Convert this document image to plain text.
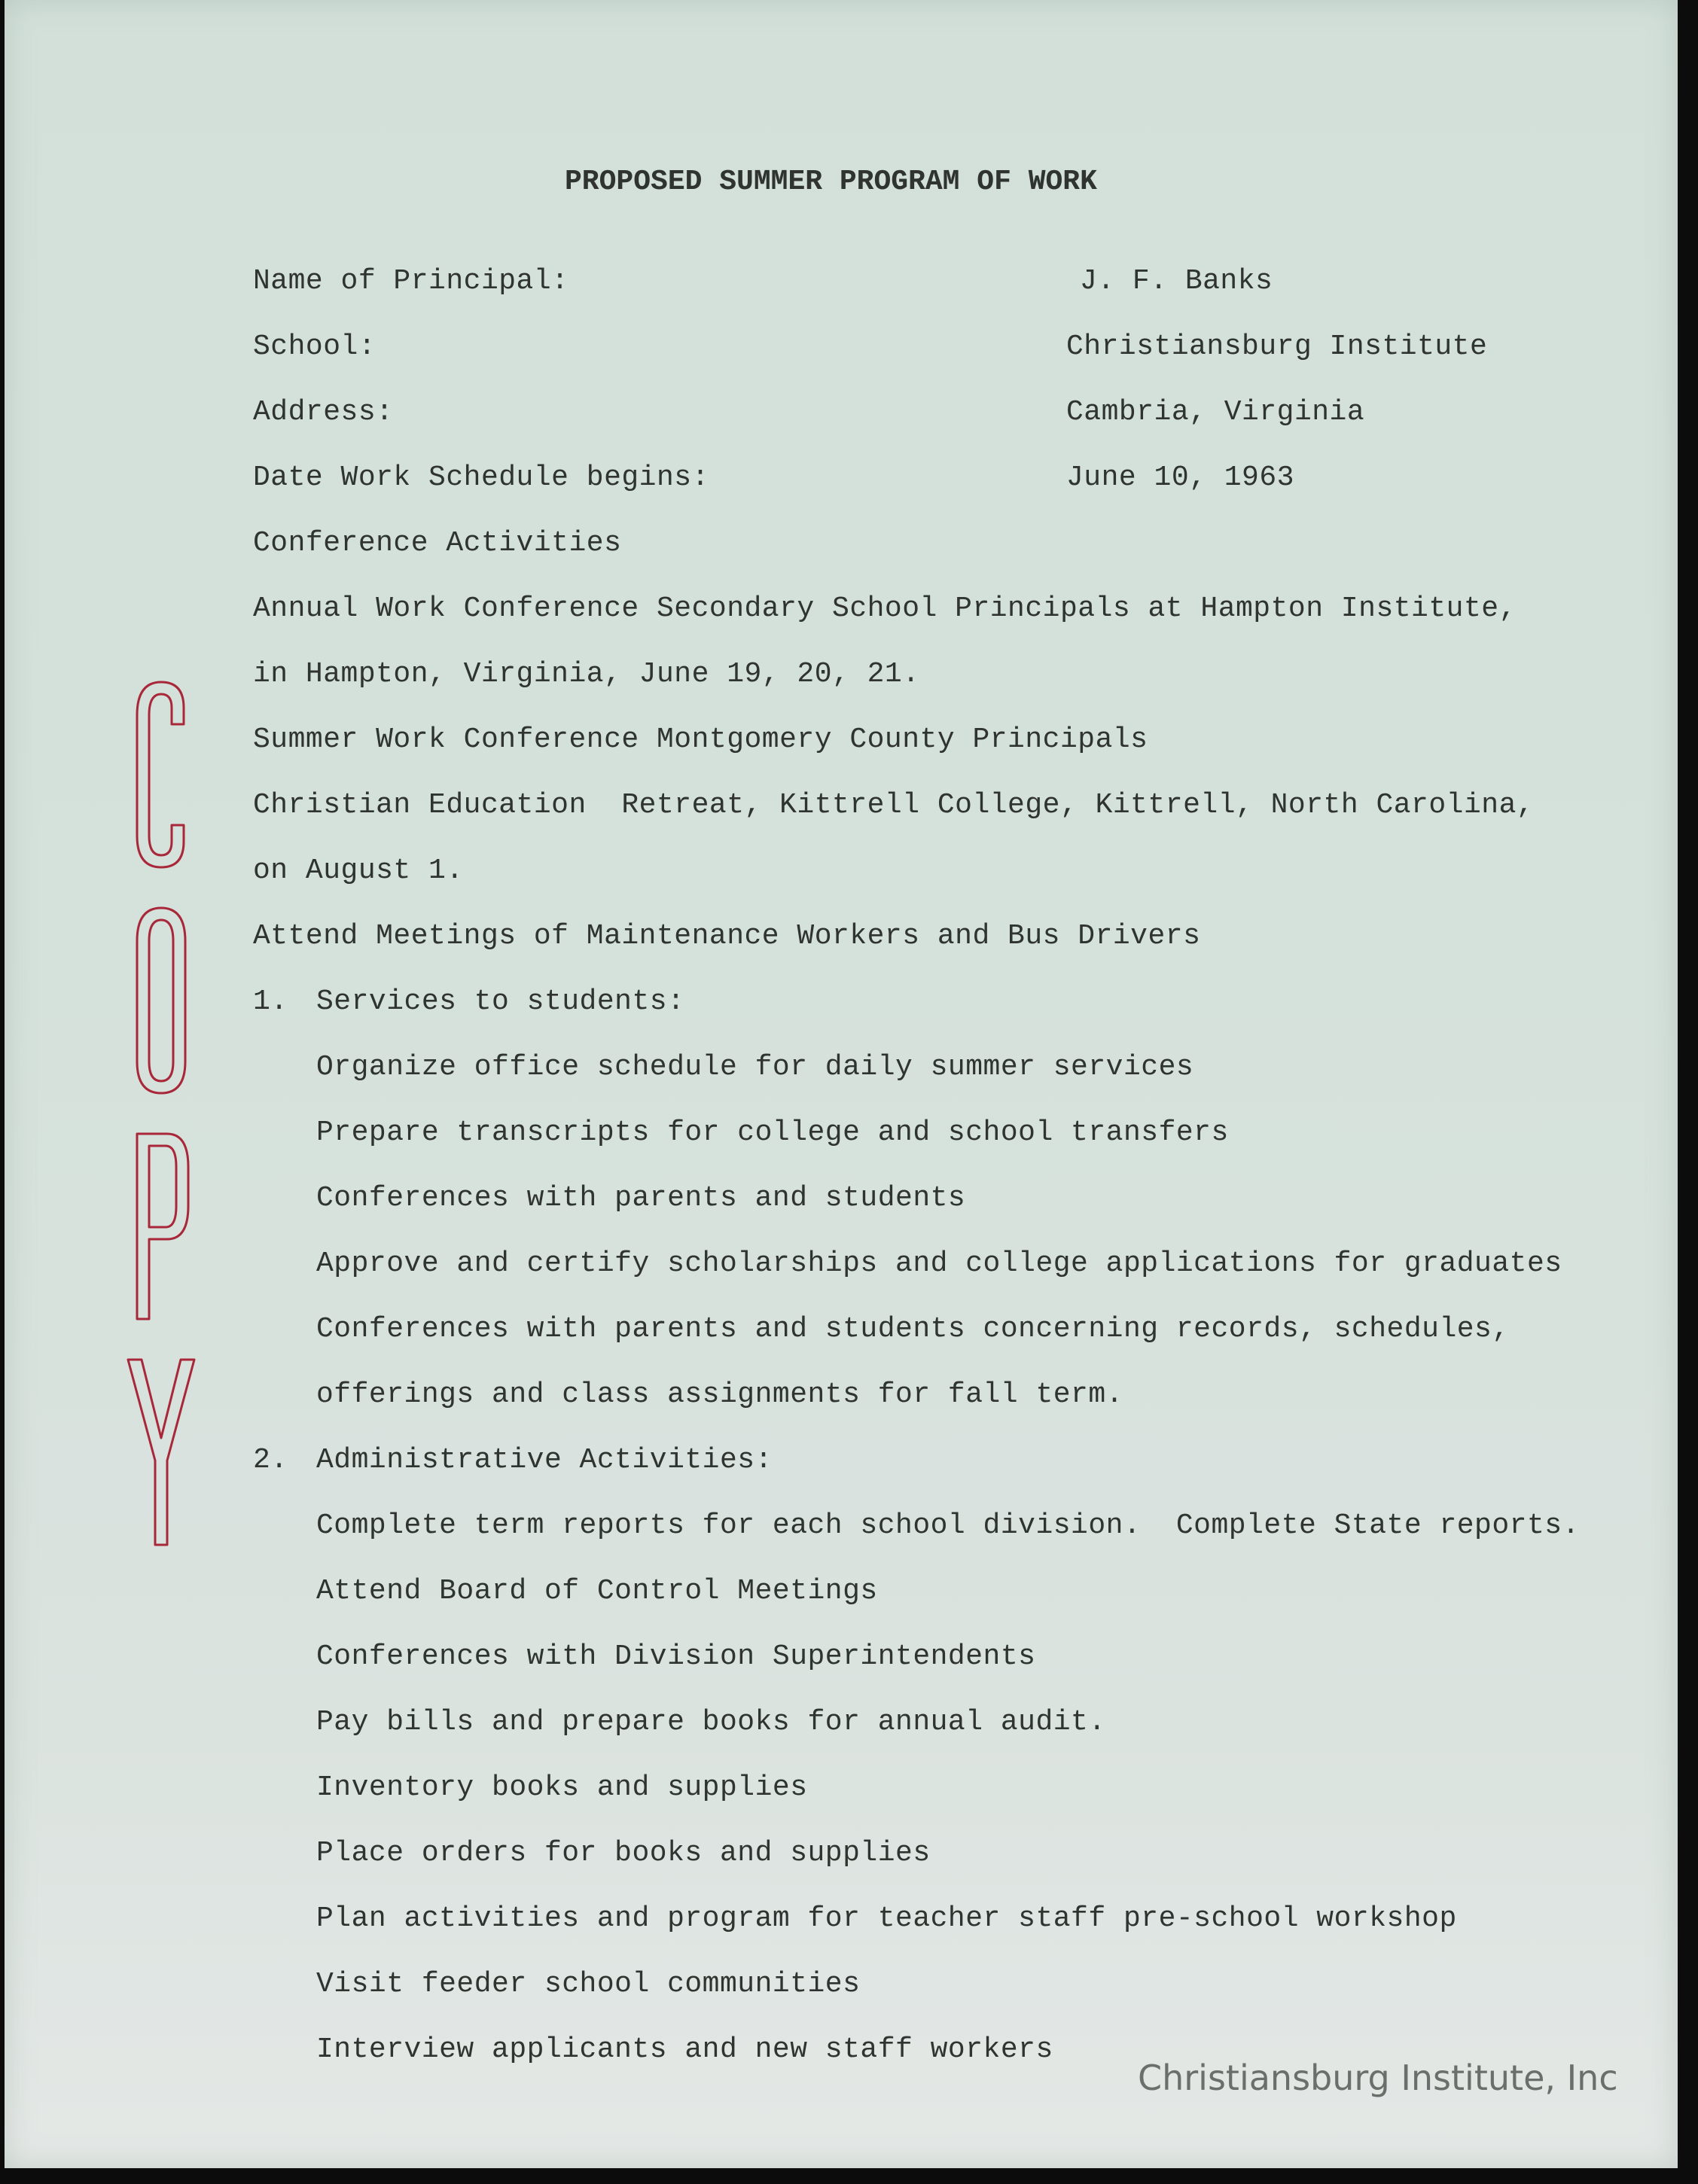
PROPOSED SUMMER PROGRAM OF WORK
Name of Principal:	J. F. Banks
School:	Christiansburg Institute
Address:	Cambria, Virginia
Date Work Schedule begins:	June 10, 1963
Conference Activities
Annual Work Conference Secondary School Principals at Hampton Institute,
in Hampton, Virginia, June 19, 20, 21.
Summer Work Conference Montgomery County Principals
Christian Education  Retreat, Kittrell College, Kittrell, North Carolina,
on August 1.
Attend Meetings of Maintenance Workers and Bus Drivers
1. Services to students:
Organize office schedule for daily summer services
Prepare transcripts for college and school transfers
Conferences with parents and students
Approve and certify scholarships and college applications for graduates
Conferences with parents and students concerning records, schedules,
offerings and class assignments for fall term.
2. Administrative Activities:
Complete term reports for each school division.  Complete State reports.
Attend Board of Control Meetings
Conferences with Division Superintendents
Pay bills and prepare books for annual audit.
Inventory books and supplies
Place orders for books and supplies
Plan activities and program for teacher staff pre-school workshop
Visit feeder school communities
Interview applicants and new staff workers
Christiansburg Institute, Inc
